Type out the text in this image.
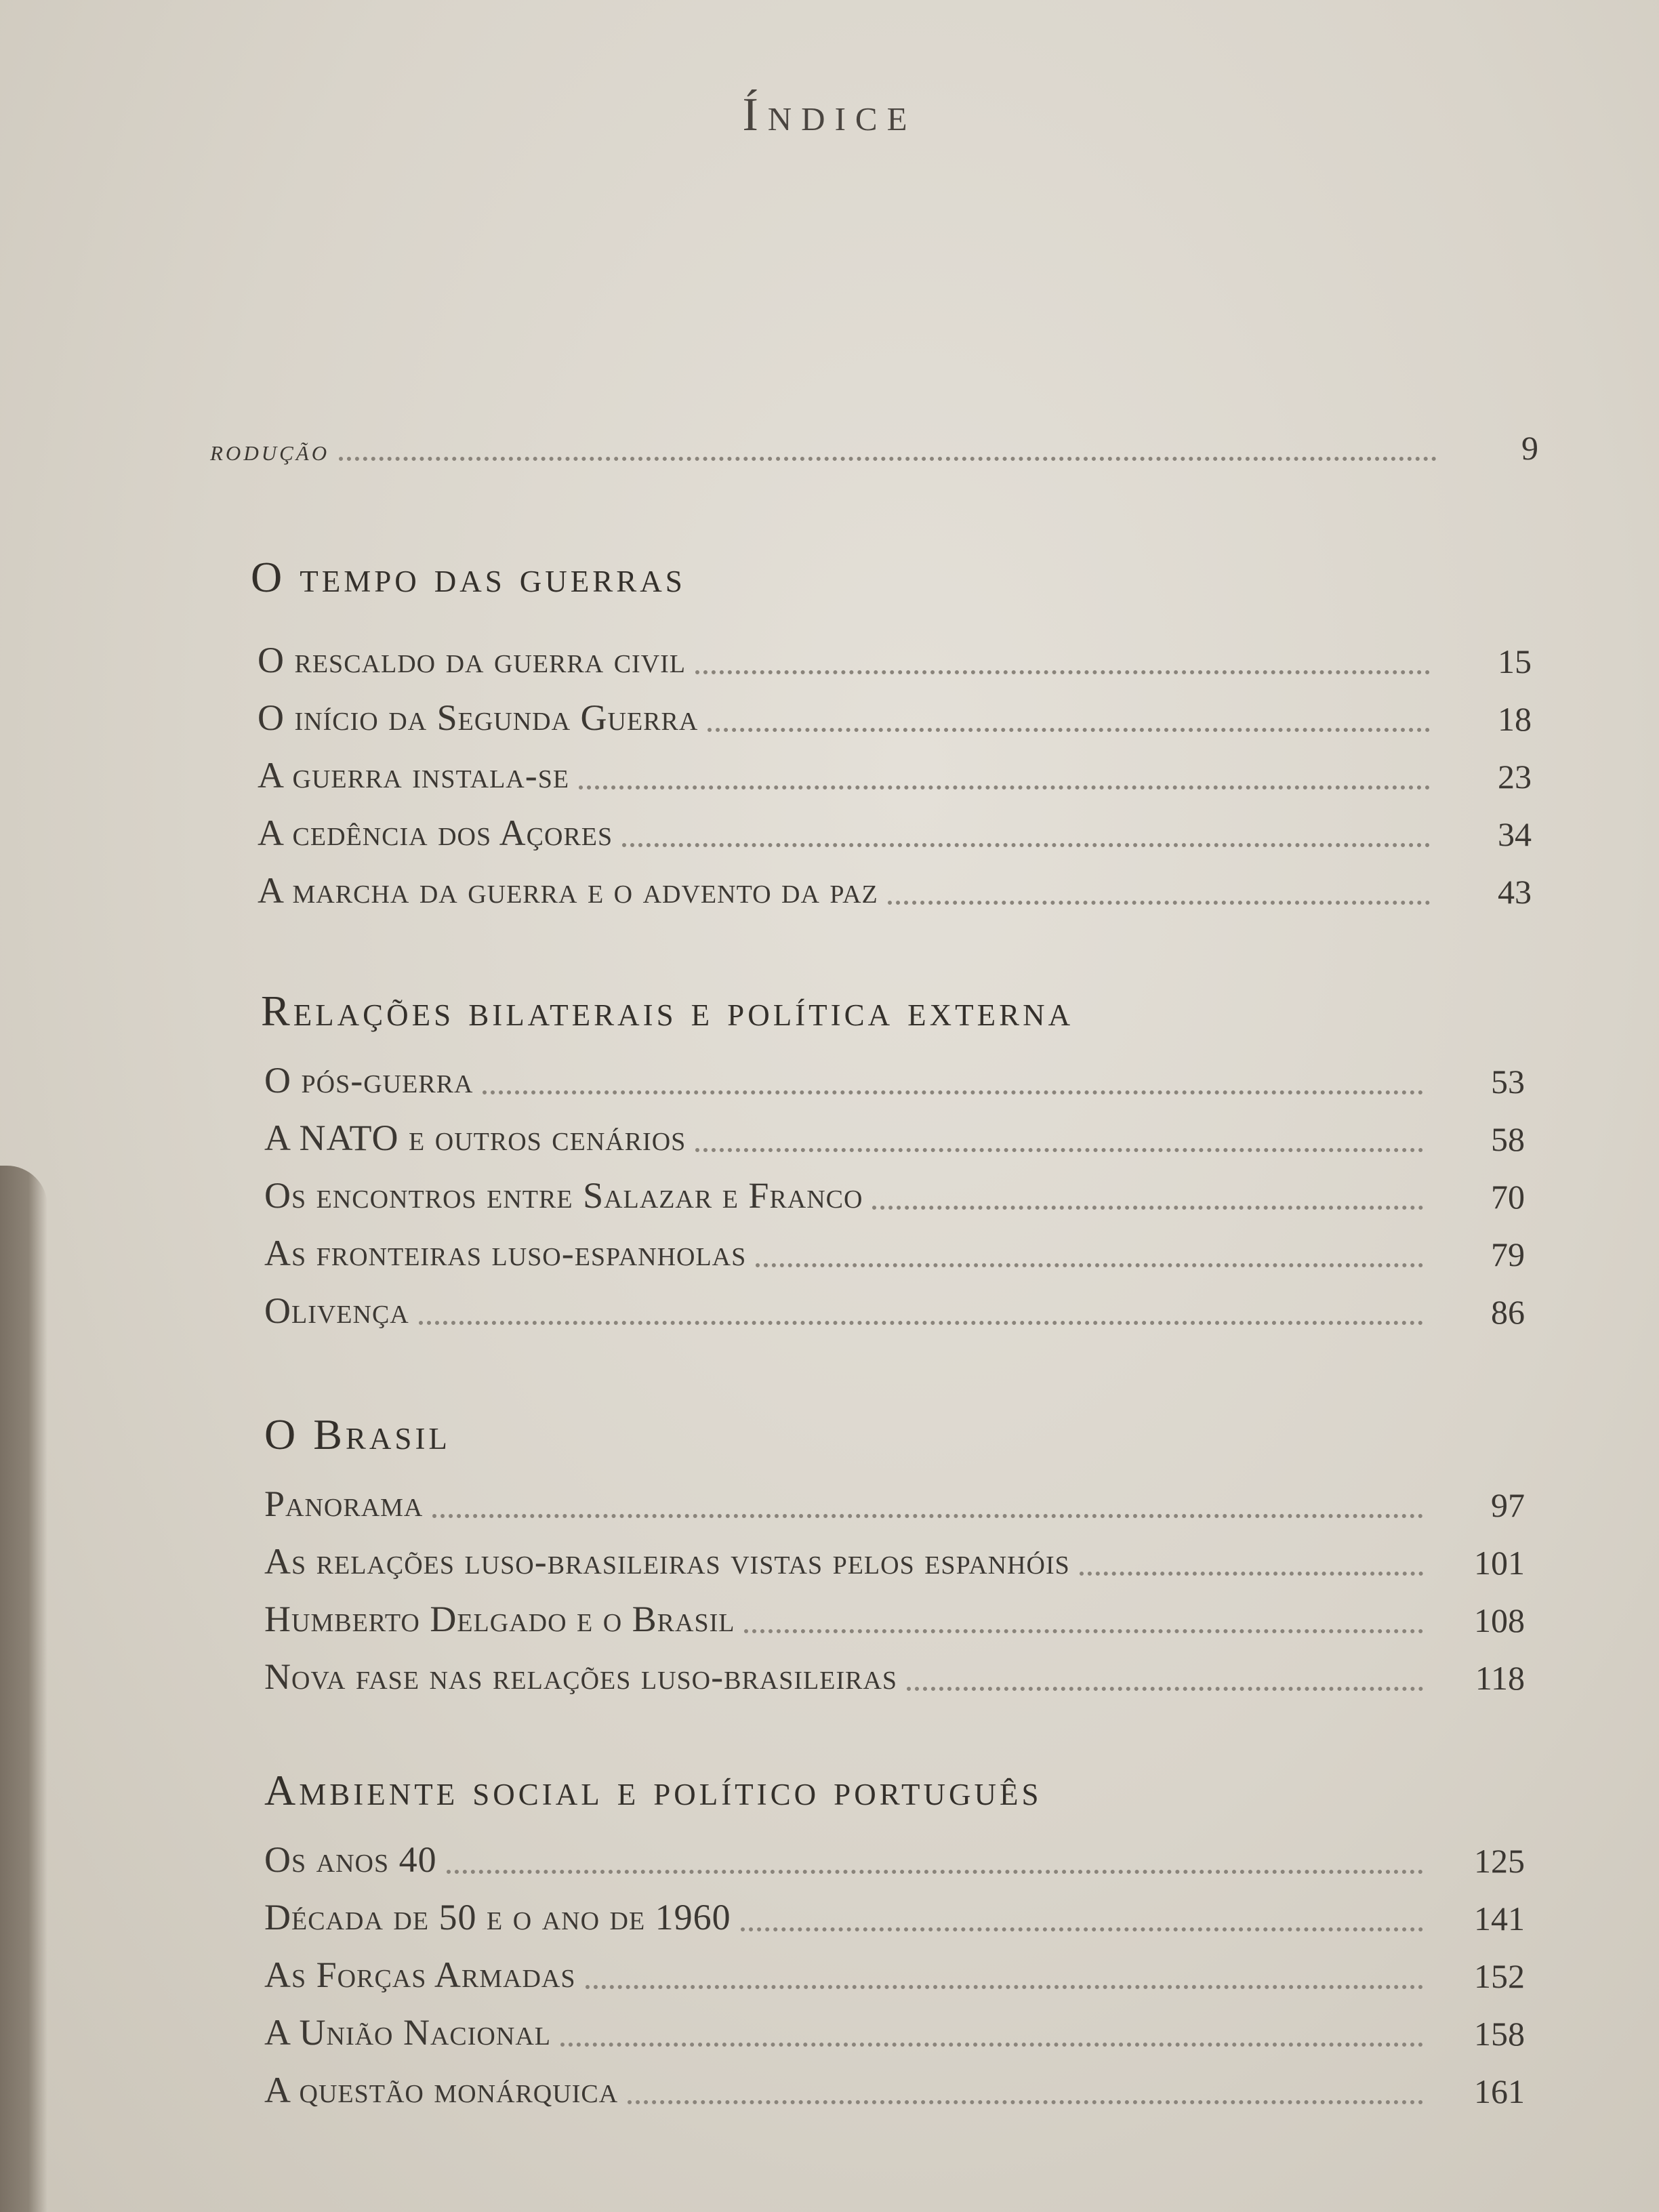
Índice
rodução	9
O tempo das guerras
O rescaldo da guerra civil	15
O início da Segunda Guerra	18
A guerra instala-se	23
A cedência dos Açores	34
A marcha da guerra e o advento da paz	43
Relações bilaterais e política externa
O pós-guerra	53
A NATO e outros cenários	58
Os encontros entre Salazar e Franco	70
As fronteiras luso-espanholas	79
Olivença	86
O Brasil
Panorama	97
As relações luso-brasileiras vistas pelos espanhóis	101
Humberto Delgado e o Brasil	108
Nova fase nas relações luso-brasileiras	118
Ambiente social e político português
Os anos 40	125
Década de 50 e o ano de 1960	141
As Forças Armadas	152
A União Nacional	158
A questão monárquica	161
